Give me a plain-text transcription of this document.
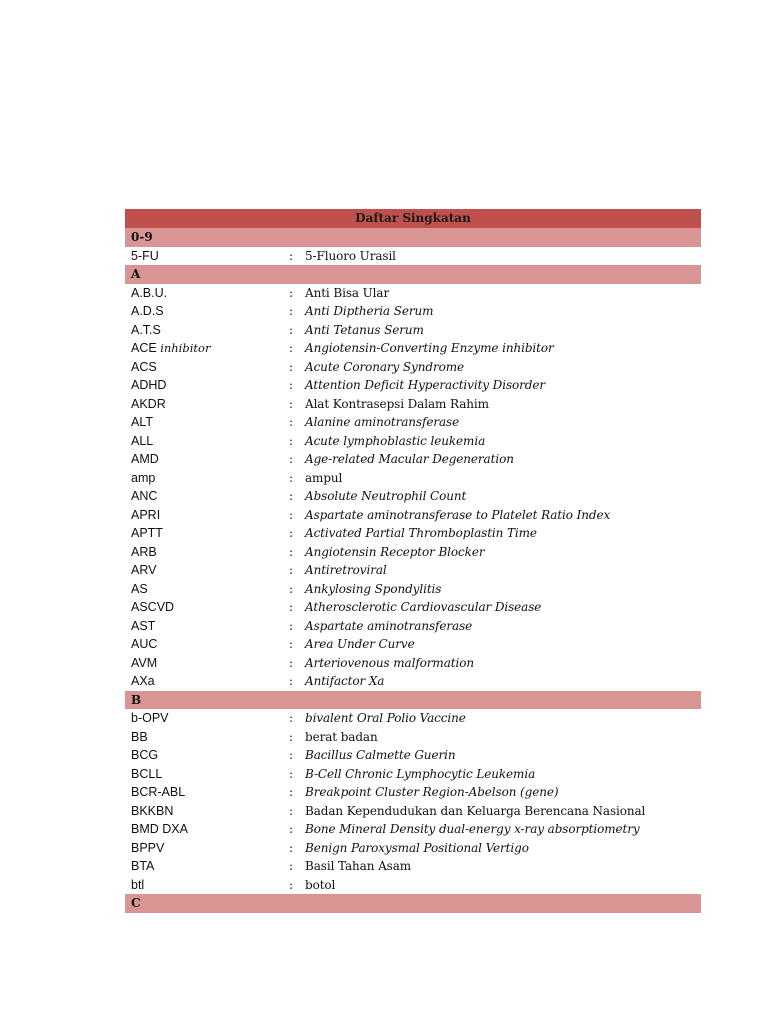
Daftar Singkatan
0-9
5-FU	: 5-Fluoro Urasil
A
A.B.U.	: Anti Bisa Ular
A.D.S	: Anti Diptheria Serum
A.T.S	: Anti Tetanus Serum
ACE inhibitor	: Angiotensin-Converting Enzyme inhibitor
ACS	: Acute Coronary Syndrome
ADHD	: Attention Deficit Hyperactivity Disorder
AKDR	: Alat Kontrasepsi Dalam Rahim
ALT	: Alanine aminotransferase
ALL	: Acute lymphoblastic leukemia
AMD	: Age-related Macular Degeneration
amp	: ampul
ANC	: Absolute Neutrophil Count
APRI	: Aspartate aminotransferase to Platelet Ratio Index
APTT	: Activated Partial Thromboplastin Time
ARB	: Angiotensin Receptor Blocker
ARV	: Antiretroviral
AS	: Ankylosing Spondylitis
ASCVD	: Atherosclerotic Cardiovascular Disease
AST	: Aspartate aminotransferase
AUC	: Area Under Curve
AVM	: Arteriovenous malformation
AXa	: Antifactor Xa
B
b-OPV	: bivalent Oral Polio Vaccine
BB	: berat badan
BCG	: Bacillus Calmette Guerin
BCLL	: B-Cell Chronic Lymphocytic Leukemia
BCR-ABL	: Breakpoint Cluster Region-Abelson (gene)
BKKBN	: Badan Kependudukan dan Keluarga Berencana Nasional
BMD DXA	: Bone Mineral Density dual-energy x-ray absorptiometry
BPPV	: Benign Paroxysmal Positional Vertigo
BTA	: Basil Tahan Asam
btl	: botol
C
